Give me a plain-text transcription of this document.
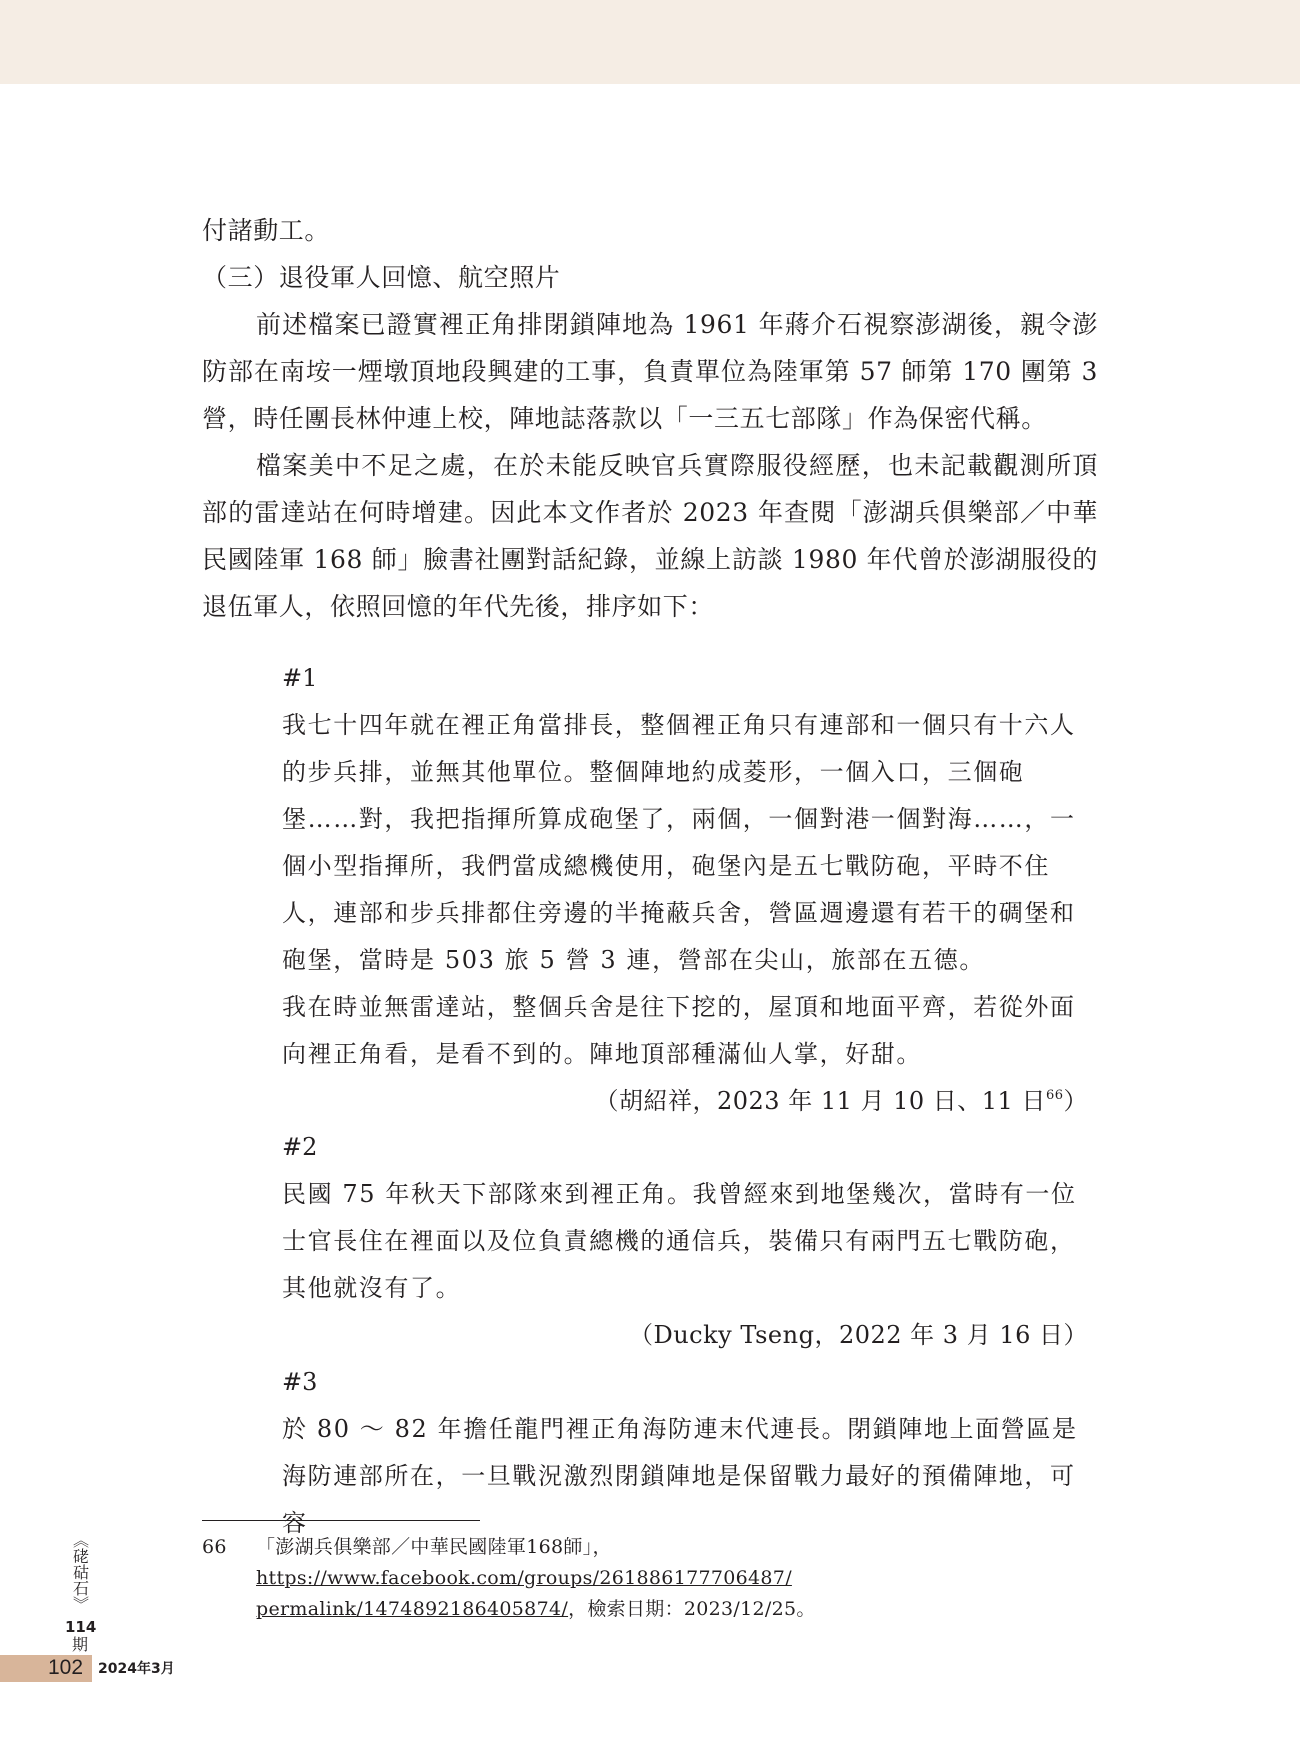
付諸動工。

（三）退役軍人回憶、航空照片

前述檔案已證實裡正角排閉鎖陣地為 1961 年蔣介石視察澎湖後，親令澎防部在南垵一煙墩頂地段興建的工事，負責單位為陸軍第 57 師第 170 團第 3 營，時任團長林仲連上校，陣地誌落款以「一三五七部隊」作為保密代稱。

檔案美中不足之處，在於未能反映官兵實際服役經歷，也未記載觀測所頂部的雷達站在何時增建。因此本文作者於 2023 年查閱「澎湖兵俱樂部／中華民國陸軍 168 師」臉書社團對話紀錄，並線上訪談 1980 年代曾於澎湖服役的退伍軍人，依照回憶的年代先後，排序如下：

#1

我七十四年就在裡正角當排長，整個裡正角只有連部和一個只有十六人的步兵排，並無其他單位。整個陣地約成菱形，一個入口，三個砲堡……對，我把指揮所算成砲堡了，兩個，一個對港一個對海……，一個小型指揮所，我們當成總機使用，砲堡內是五七戰防砲，平時不住人，連部和步兵排都住旁邊的半掩蔽兵舍，營區週邊還有若干的碉堡和砲堡，當時是 503 旅 5 營 3 連，營部在尖山，旅部在五德。

我在時並無雷達站，整個兵舍是往下挖的，屋頂和地面平齊，若從外面向裡正角看，是看不到的。陣地頂部種滿仙人掌，好甜。

（胡紹祥，2023 年 11 月 10 日、11 日$^{66}$）

#2

民國 75 年秋天下部隊來到裡正角。我曾經來到地堡幾次，當時有一位士官長住在裡面以及位負責總機的通信兵，裝備只有兩門五七戰防砲，其他就沒有了。

（Ducky Tseng，2022 年 3 月 16 日）

#3

於 80 ～ 82 年擔任龍門裡正角海防連末代連長。閉鎖陣地上面營區是海防連部所在，一旦戰況激烈閉鎖陣地是保留戰力最好的預備陣地，可容

66 「澎湖兵俱樂部／中華民國陸軍168師」，https://www.facebook.com/groups/261886177706487/
permalink/1474892186405874/，檢索日期：2023/12/25。
《硓𥑮石》
114
期
102 2024年3月
